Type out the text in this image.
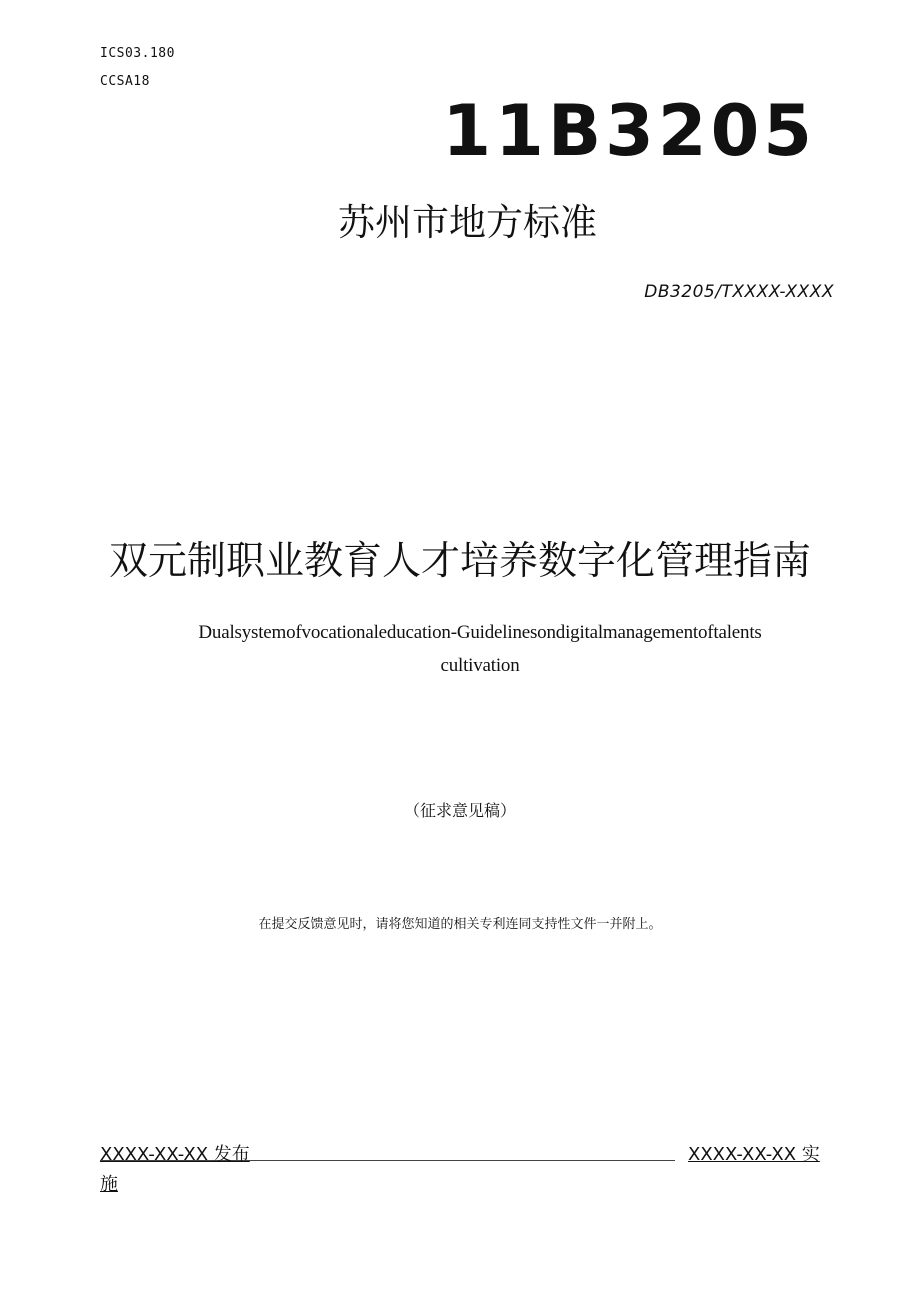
ICS03.180
CCSA18
11B3205
苏州市地方标准
DB3205/TXXXX-XXXX
双元制职业教育人才培养数字化管理指南
Dualsystemofvocationaleducation-Guidelinesondigitalmanagementoftalents
cultivation
（征求意见稿）
在提交反馈意见时，请将您知道的相关专利连同支持性文件一并附上。
XXXX-XX-XX 发布	XXXX-XX-XX 实
施
